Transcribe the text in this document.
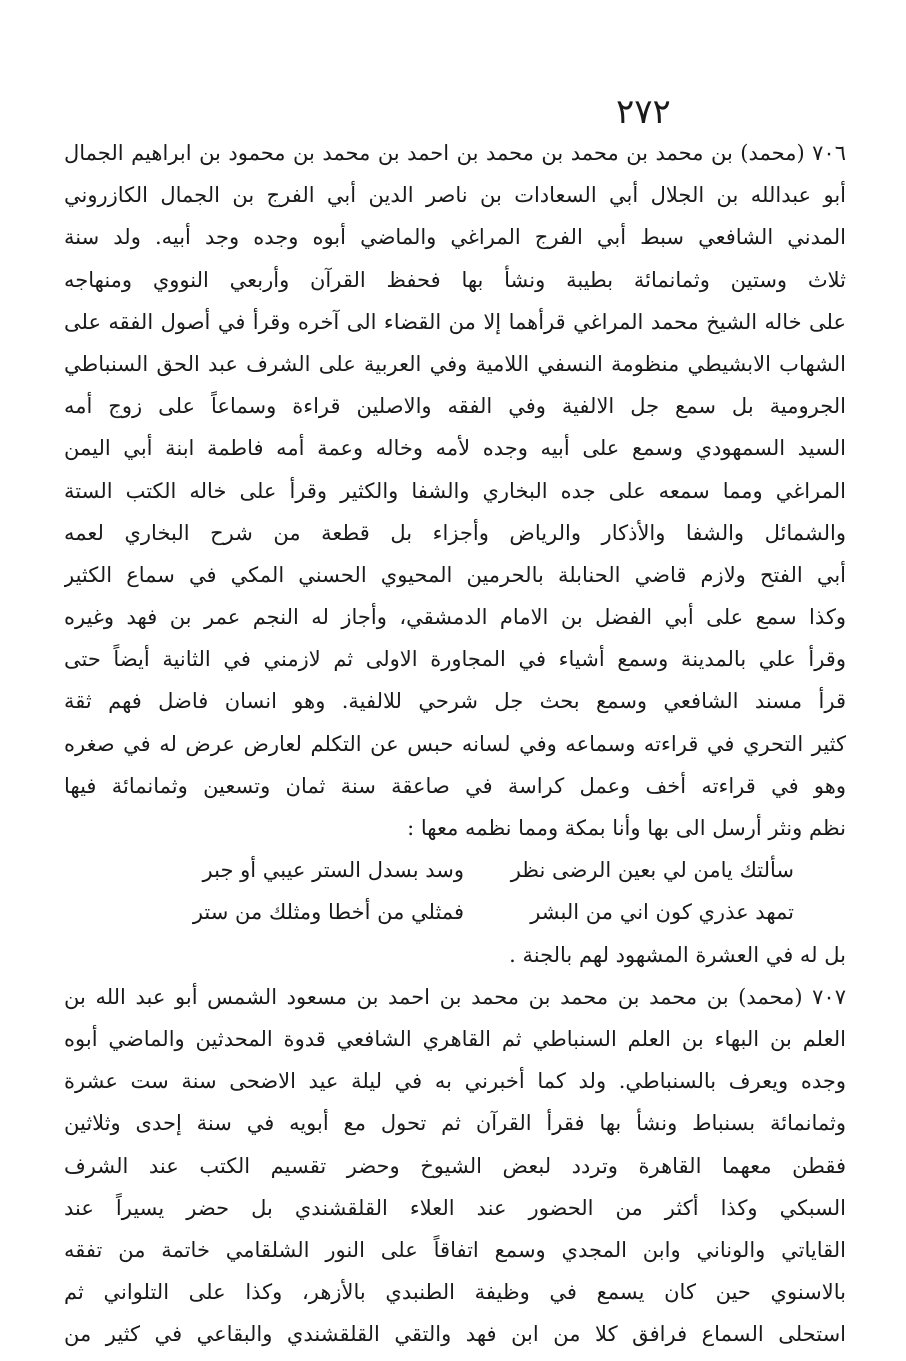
٢٧٢
٧٠٦ (محمد) بن محمد بن محمد بن محمد بن احمد بن محمد بن محمود بن ابراهيم الجمال
أبو عبدالله بن الجلال أبي السعادات بن ناصر الدين أبي الفرج بن الجمال الكازروني
المدني الشافعي سبط أبي الفرج المراغي والماضي أبوه وجده وجد أبيه. ولد سنة
ثلاث وستين وثمانمائة بطيبة ونشأ بها فحفظ القرآن وأربعي النووي ومنهاجه
على خاله الشيخ محمد المراغي قرأهما إلا من القضاء الى آخره وقرأ في أصول الفقه على
الشهاب الابشيطي منظومة النسفي اللامية وفي العربية على الشرف عبد الحق السنباطي
الجرومية بل سمع جل الالفية وفي الفقه والاصلين قراءة وسماعاً على زوج أمه
السيد السمهودي وسمع على أبيه وجده لأمه وخاله وعمة أمه فاطمة ابنة أبي اليمن
المراغي ومما سمعه على جده البخاري والشفا والكثير وقرأ على خاله الكتب الستة
والشمائل والشفا والأذكار والرياض وأجزاء بل قطعة من شرح البخاري لعمه
أبي الفتح ولازم قاضي الحنابلة بالحرمين المحيوي الحسني المكي في سماع الكثير
وكذا سمع على أبي الفضل بن الامام الدمشقي، وأجاز له النجم عمر بن فهد وغيره
وقرأ علي بالمدينة وسمع أشياء في المجاورة الاولى ثم لازمني في الثانية أيضاً حتى
قرأ مسند الشافعي وسمع بحث جل شرحي للالفية. وهو انسان فاضل فهم ثقة
كثير التحري في قراءته وسماعه وفي لسانه حبس عن التكلم لعارض عرض له في صغره
وهو في قراءته أخف وعمل كراسة في صاعقة سنة ثمان وتسعين وثمانمائة فيها
نظم ونثر أرسل الى بها وأنا بمكة ومما نظمه معها :
سألتك يامن لي بعين الرضى نظر
وسد بسدل الستر عيبي أو جبر
تمهد عذري كون اني من البشر
فمثلي من أخطا ومثلك من ستر
بل له في العشرة المشهود لهم بالجنة .
٧٠٧ (محمد) بن محمد بن محمد بن محمد بن احمد بن مسعود الشمس أبو عبد الله بن
العلم بن البهاء بن العلم السنباطي ثم القاهري الشافعي قدوة المحدثين والماضي أبوه
وجده ويعرف بالسنباطي. ولد كما أخبرني به في ليلة عيد الاضحى سنة ست عشرة
وثمانمائة بسنباط ونشأ بها فقرأ القرآن ثم تحول مع أبويه في سنة إحدى وثلاثين
فقطن معهما القاهرة وتردد لبعض الشيوخ وحضر تقسيم الكتب عند الشرف
السبكي وكذا أكثر من الحضور عند العلاء القلقشندي بل حضر يسيراً عند
القاياتي والوناني وابن المجدي وسمع اتفاقاً على النور الشلقامي خاتمة من تفقه
بالاسنوي حين كان يسمع في وظيفة الطنبدي بالأزهر، وكذا على التلواني ثم
استحلى السماع فرافق كلا من ابن فهد والتقي القلقشندي والبقاعي في كثير من
